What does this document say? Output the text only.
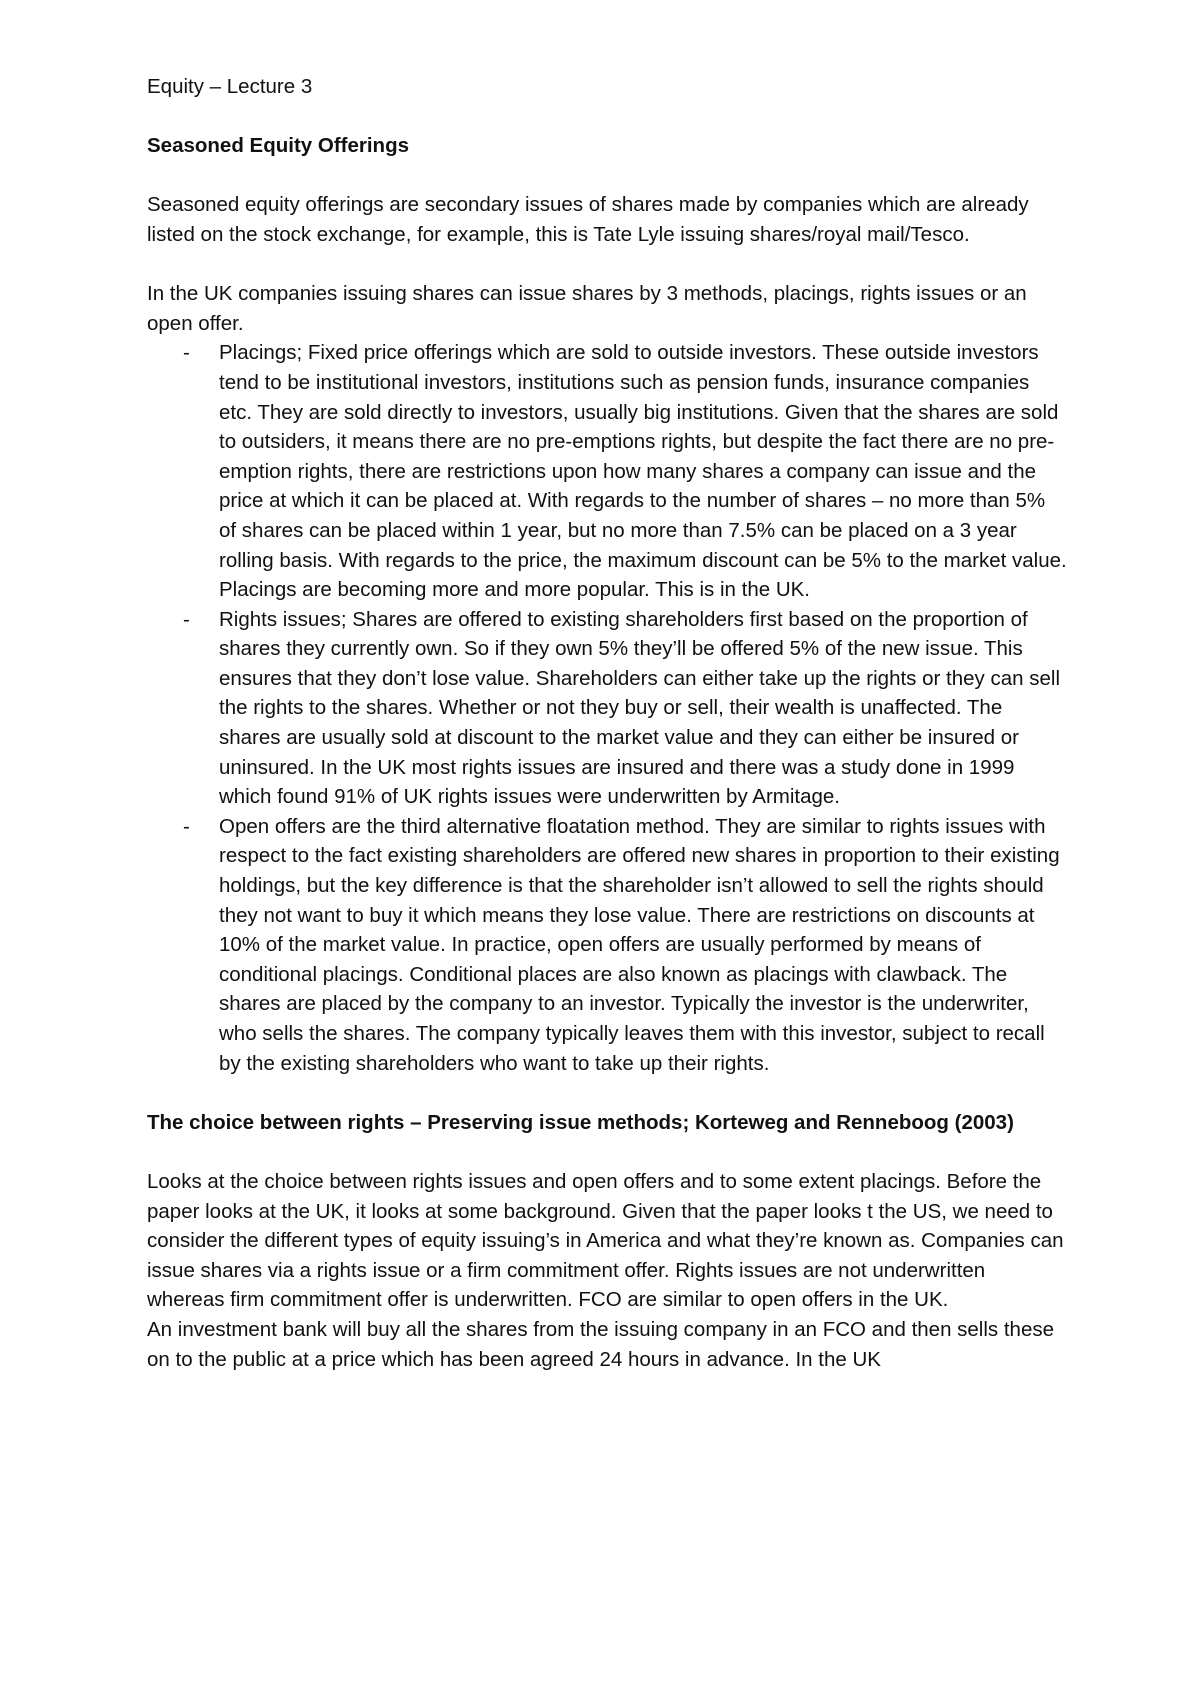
Equity – Lecture 3

Seasoned Equity Offerings

Seasoned equity offerings are secondary issues of shares made by companies which are already listed on the stock exchange, for example, this is Tate Lyle issuing shares/royal mail/Tesco.

In the UK companies issuing shares can issue shares by 3 methods, placings, rights issues or an open offer.

- Placings; Fixed price offerings which are sold to outside investors. These outside investors tend to be institutional investors, institutions such as pension funds, insurance companies etc. They are sold directly to investors, usually big institutions. Given that the shares are sold to outsiders, it means there are no pre-emptions rights, but despite the fact there are no pre-emption rights, there are restrictions upon how many shares a company can issue and the price at which it can be placed at. With regards to the number of shares – no more than 5% of shares can be placed within 1 year, but no more than 7.5% can be placed on a 3 year rolling basis. With regards to the price, the maximum discount can be 5% to the market value. Placings are becoming more and more popular. This is in the UK.
- Rights issues; Shares are offered to existing shareholders first based on the proportion of shares they currently own. So if they own 5% they’ll be offered 5% of the new issue. This ensures that they don’t lose value. Shareholders can either take up the rights or they can sell the rights to the shares. Whether or not they buy or sell, their wealth is unaffected. The shares are usually sold at discount to the market value and they can either be insured or uninsured. In the UK most rights issues are insured and there was a study done in 1999 which found 91% of UK rights issues were underwritten by Armitage.
- Open offers are the third alternative floatation method. They are similar to rights issues with respect to the fact existing shareholders are offered new shares in proportion to their existing holdings, but the key difference is that the shareholder isn’t allowed to sell the rights should they not want to buy it which means they lose value. There are restrictions on discounts at 10% of the market value. In practice, open offers are usually performed by means of conditional placings. Conditional places are also known as placings with clawback. The shares are placed by the company to an investor. Typically the investor is the underwriter, who sells the shares. The company typically leaves them with this investor, subject to recall by the existing shareholders who want to take up their rights.

The choice between rights – Preserving issue methods; Korteweg and Renneboog (2003)

Looks at the choice between rights issues and open offers and to some extent placings. Before the paper looks at the UK, it looks at some background. Given that the paper looks t the US, we need to consider the different types of equity issuing’s in America and what they’re known as. Companies can issue shares via a rights issue or a firm commitment offer. Rights issues are not underwritten whereas firm commitment offer is underwritten. FCO are similar to open offers in the UK.

An investment bank will buy all the shares from the issuing company in an FCO and then sells these on to the public at a price which has been agreed 24 hours in advance. In the UK
